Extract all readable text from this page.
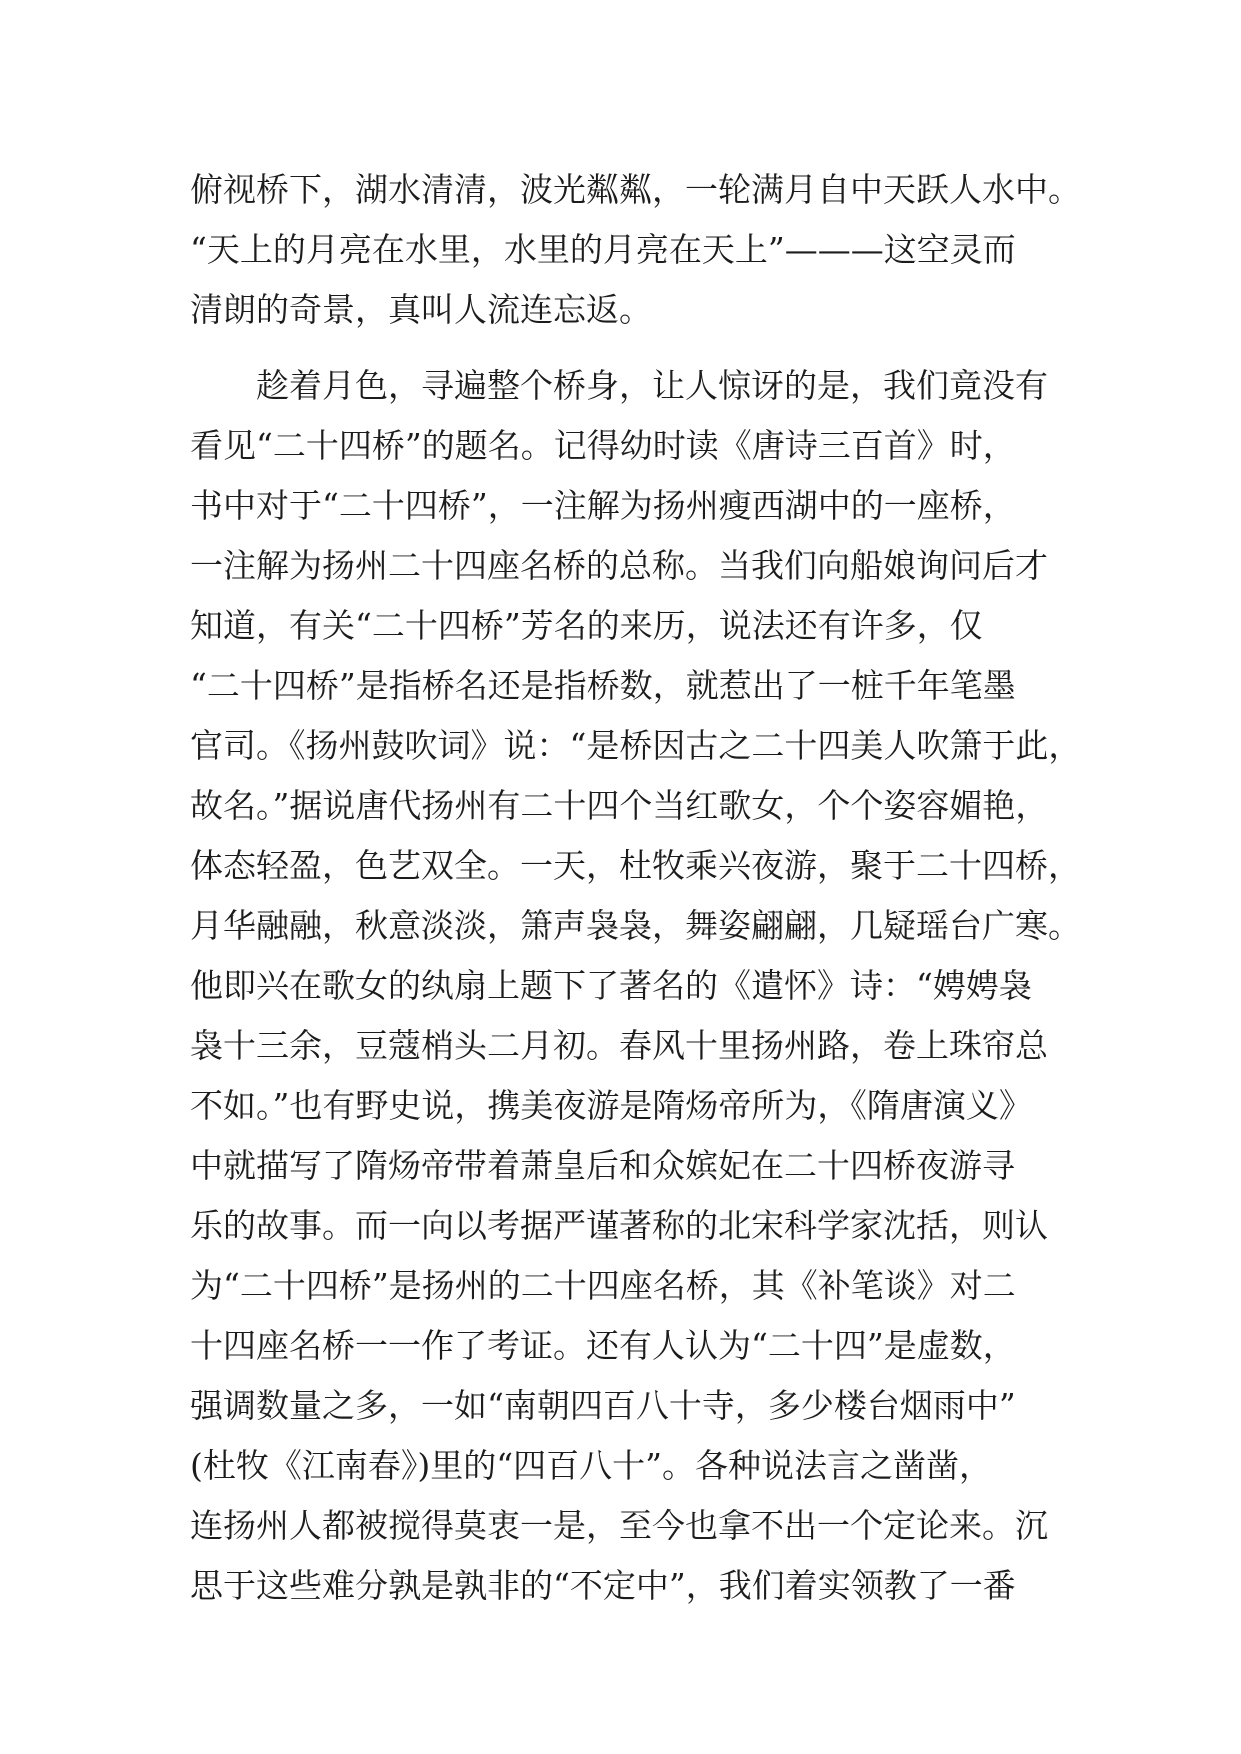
俯视桥下，湖水清清，波光粼粼，一轮满月自中天跃人水中。
“天上的月亮在水里，水里的月亮在天上”———这空灵而
清朗的奇景，真叫人流连忘返。
　　趁着月色，寻遍整个桥身，让人惊讶的是，我们竟没有
看见“二十四桥”的题名。记得幼时读《唐诗三百首》时，
书中对于“二十四桥”，一注解为扬州瘦西湖中的一座桥，
一注解为扬州二十四座名桥的总称。当我们向船娘询问后才
知道，有关“二十四桥”芳名的来历，说法还有许多，仅
“二十四桥”是指桥名还是指桥数，就惹出了一桩千年笔墨
官司。《扬州鼓吹词》说：“是桥因古之二十四美人吹箫于此，
故名。”据说唐代扬州有二十四个当红歌女，个个姿容媚艳，
体态轻盈，色艺双全。一天，杜牧乘兴夜游，聚于二十四桥，
月华融融，秋意淡淡，箫声袅袅，舞姿翩翩，几疑瑶台广寒。
他即兴在歌女的纨扇上题下了著名的《遣怀》诗：“娉娉袅
袅十三余，豆蔻梢头二月初。春风十里扬州路，卷上珠帘总
不如。”也有野史说，携美夜游是隋炀帝所为，《隋唐演义》
中就描写了隋炀帝带着萧皇后和众嫔妃在二十四桥夜游寻
乐的故事。而一向以考据严谨著称的北宋科学家沈括，则认
为“二十四桥”是扬州的二十四座名桥，其《补笔谈》对二
十四座名桥一一作了考证。还有人认为“二十四”是虚数，
强调数量之多，一如“南朝四百八十寺，多少楼台烟雨中”
(杜牧《江南春》)里的“四百八十”。各种说法言之凿凿，
连扬州人都被搅得莫衷一是，至今也拿不出一个定论来。沉
思于这些难分孰是孰非的“不定中”，我们着实领教了一番
